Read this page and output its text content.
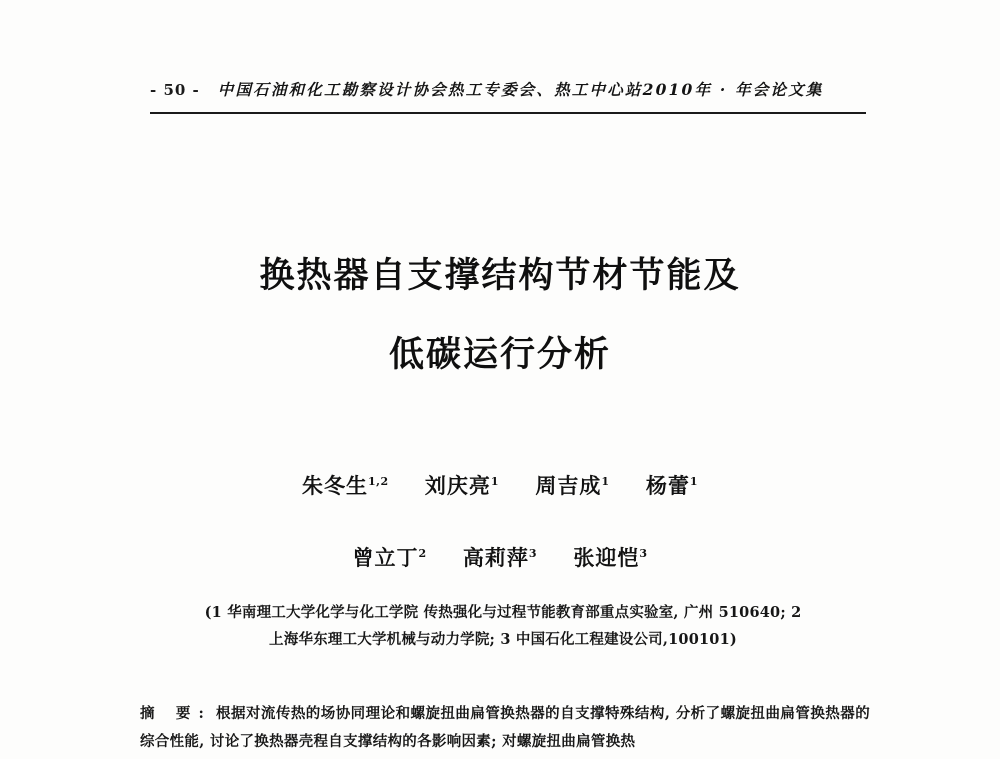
- 50 - 中国石油和化工勘察设计协会热工专委会、热工中心站2010年 · 年会论文集
换热器自支撑结构节材节能及
低碳运行分析
朱冬生$^{1,2}$ 刘庆亮$^1$ 周吉成$^1$ 杨蕾$^1$
曾立丁$^2$ 高莉萍$^3$ 张迎恺$^3$
(1 华南理工大学化学与化工学院 传热强化与过程节能教育部重点实验室, 广州 510640; 2
上海华东理工大学机械与动力学院; 3 中国石化工程建设公司,100101)
摘 要: 根据对流传热的场协同理论和螺旋扭曲扁管换热器的自支撑特殊结构, 分析了螺旋扭曲扁管换热器的综合性能, 讨论了换热器壳程自支撑结构的各影响因素; 对螺旋扭曲扁管换热
